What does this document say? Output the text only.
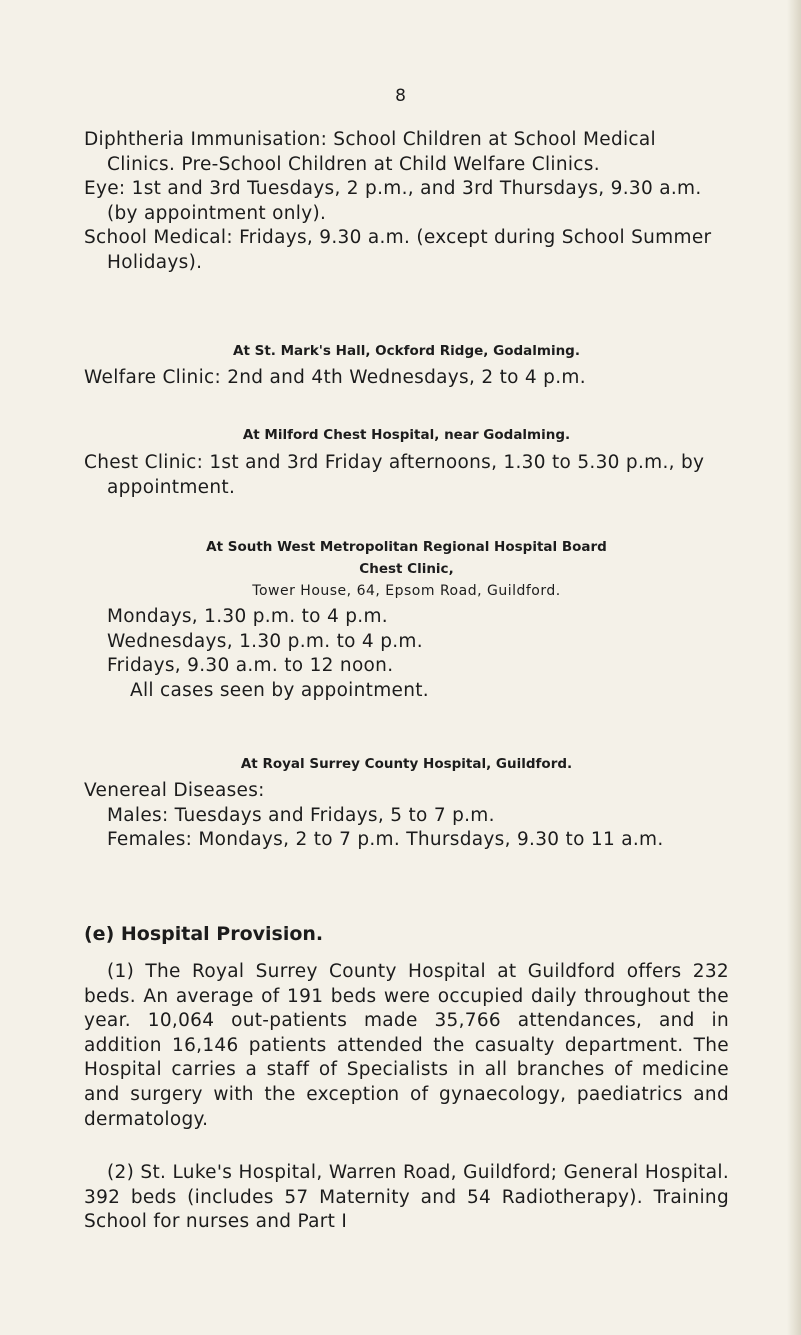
8

Diphtheria Immunisation: School Children at School Medical Clinics. Pre-School Children at Child Welfare Clinics.

Eye: 1st and 3rd Tuesdays, 2 p.m., and 3rd Thursdays, 9.30 a.m. (by appointment only).

School Medical: Fridays, 9.30 a.m. (except during School Summer Holidays).

At St. Mark's Hall, Ockford Ridge, Godalming.

Welfare Clinic: 2nd and 4th Wednesdays, 2 to 4 p.m.

At Milford Chest Hospital, near Godalming.

Chest Clinic: 1st and 3rd Friday afternoons, 1.30 to 5.30 p.m., by appointment.

At South West Metropolitan Regional Hospital Board
Chest Clinic,
Tower House, 64, Epsom Road, Guildford.

Mondays, 1.30 p.m. to 4 p.m.

Wednesdays, 1.30 p.m. to 4 p.m.

Fridays, 9.30 a.m. to 12 noon.

All cases seen by appointment.

At Royal Surrey County Hospital, Guildford.

Venereal Diseases:

Males: Tuesdays and Fridays, 5 to 7 p.m.

Females: Mondays, 2 to 7 p.m. Thursdays, 9.30 to 11 a.m.

(e) Hospital Provision.

(1) The Royal Surrey County Hospital at Guildford offers 232 beds. An average of 191 beds were occupied daily throughout the year. 10,064 out-patients made 35,766 attendances, and in addition 16,146 patients attended the casualty department. The Hospital carries a staff of Specialists in all branches of medicine and surgery with the exception of gynaecology, paediatrics and dermatology.

(2) St. Luke's Hospital, Warren Road, Guildford; General Hospital. 392 beds (includes 57 Maternity and 54 Radiotherapy). Training School for nurses and Part I
